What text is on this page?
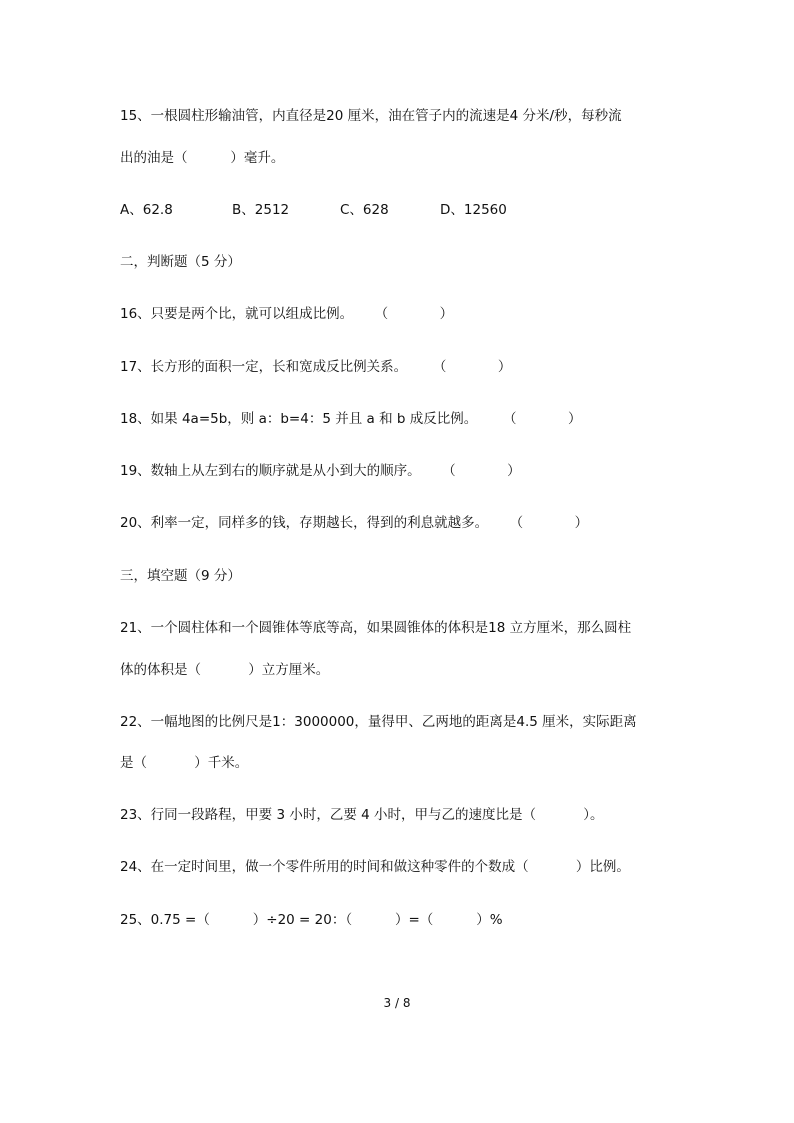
15、一根圆柱形输油管，内直径是20 厘米，油在管子内的流速是4 分米/秒，每秒流
出的油是（          ）毫升。
A、62.8	B、2512	C、628	D、12560
二，判断题（5 分）
16、只要是两个比，就可以组成比例。     （            ）
17、长方形的面积一定，长和宽成反比例关系。      （            ）
18、如果 4a=5b，则 a：b=4：5 并且 a 和 b 成反比例。      （            ）
19、数轴上从左到右的顺序就是从小到大的顺序。     （            ）
20、利率一定，同样多的钱，存期越长，得到的利息就越多。     （            ）
三，填空题（9 分）
21、一个圆柱体和一个圆锥体等底等高，如果圆锥体的体积是18 立方厘米，那么圆柱
体的体积是（           ）立方厘米。
22、一幅地图的比例尺是1：3000000，量得甲、乙两地的距离是4.5 厘米，实际距离
是（           ）千米。
23、行同一段路程，甲要 3 小时，乙要 4 小时，甲与乙的速度比是（           ）。
24、在一定时间里，做一个零件所用的时间和做这种零件的个数成（           ）比例。
25、0.75 =（          ）÷20 = 20：（          ）=（          ）%
3 / 8
